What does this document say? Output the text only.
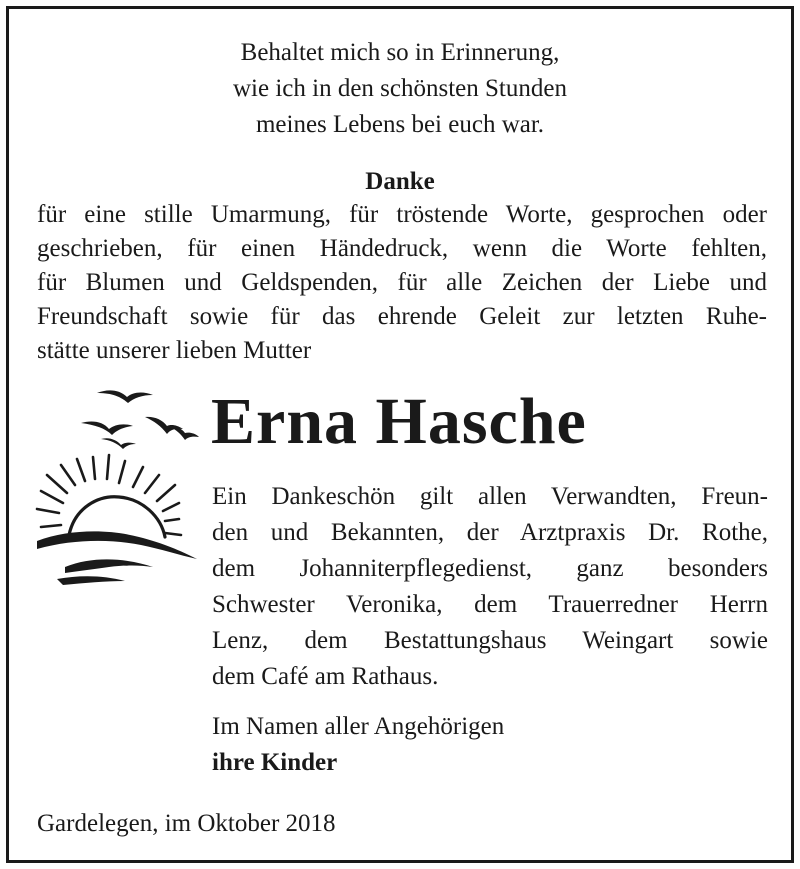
Behaltet mich so in Erinnerung,
wie ich in den schönsten Stunden
meines Lebens bei euch war.
Danke
für eine stille Umarmung, für tröstende Worte, gesprochen oder
geschrieben, für einen Händedruck, wenn die Worte fehlten,
für Blumen und Geldspenden, für alle Zeichen der Liebe und
Freundschaft sowie für das ehrende Geleit zur letzten Ruhe-
stätte unserer lieben Mutter
Erna Hasche
Ein Dankeschön gilt allen Verwandten, Freun-
den und Bekannten, der Arztpraxis Dr. Rothe,
dem Johanniterpflegedienst, ganz besonders
Schwester Veronika, dem Trauerredner Herrn
Lenz, dem Bestattungshaus Weingart sowie
dem Café am Rathaus.
Im Namen aller Angehörigen
ihre Kinder
Gardelegen, im Oktober 2018
